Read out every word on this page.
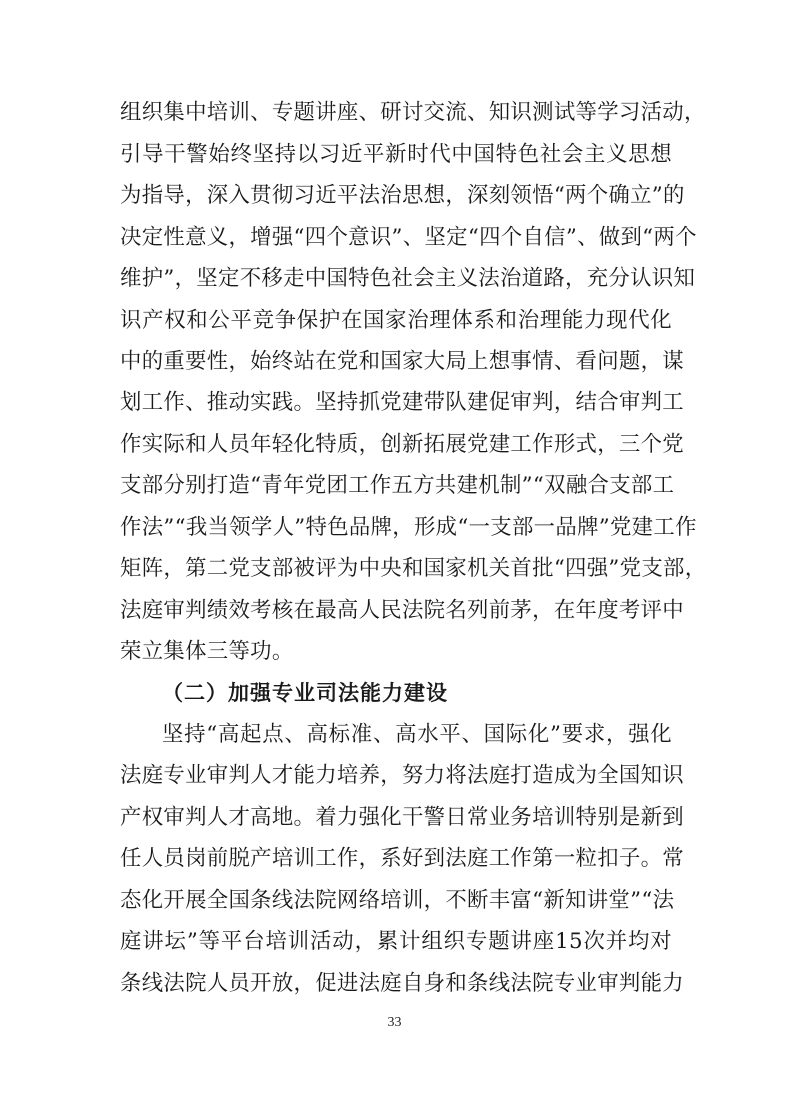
组织集中培训、专题讲座、研讨交流、知识测试等学习活动，
引导干警始终坚持以习近平新时代中国特色社会主义思想
为指导，深入贯彻习近平法治思想，深刻领悟“两个确立”的
决定性意义，增强“四个意识”、坚定“四个自信”、做到“两个
维护”，坚定不移走中国特色社会主义法治道路，充分认识知
识产权和公平竞争保护在国家治理体系和治理能力现代化
中的重要性，始终站在党和国家大局上想事情、看问题，谋
划工作、推动实践。坚持抓党建带队建促审判，结合审判工
作实际和人员年轻化特质，创新拓展党建工作形式，三个党
支部分别打造“青年党团工作五方共建机制”“双融合支部工
作法”“我当领学人”特色品牌，形成“一支部一品牌”党建工作
矩阵，第二党支部被评为中央和国家机关首批“四强”党支部，
法庭审判绩效考核在最高人民法院名列前茅，在年度考评中
荣立集体三等功。
（二）加强专业司法能力建设
坚持“高起点、高标准、高水平、国际化”要求，强化
法庭专业审判人才能力培养，努力将法庭打造成为全国知识
产权审判人才高地。着力强化干警日常业务培训特别是新到
任人员岗前脱产培训工作，系好到法庭工作第一粒扣子。常
态化开展全国条线法院网络培训，不断丰富“新知讲堂”“法
庭讲坛”等平台培训活动，累计组织专题讲座15次并均对
条线法院人员开放，促进法庭自身和条线法院专业审判能力
33
